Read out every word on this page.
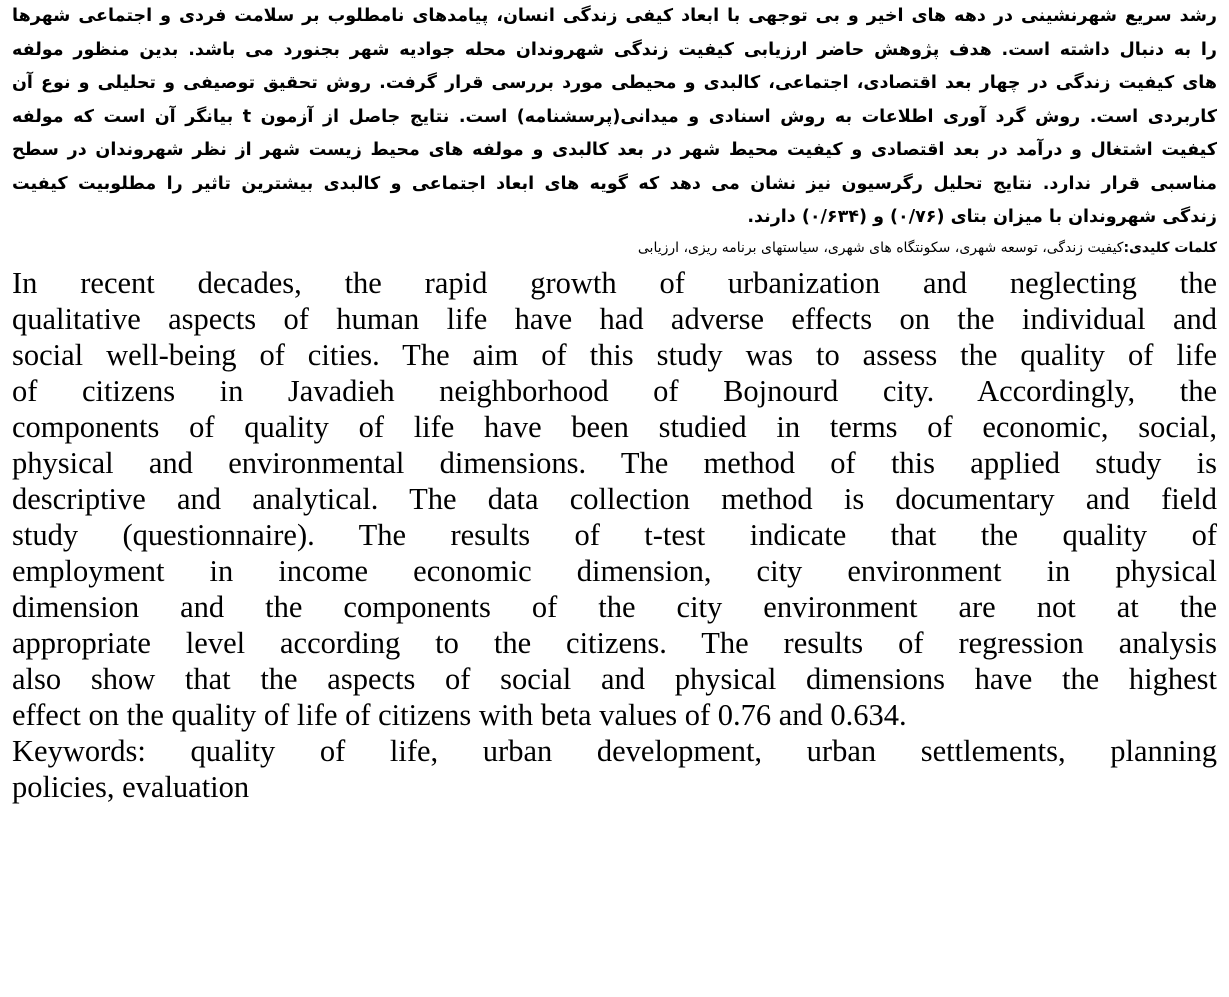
رشد سریع شهرنشینی در دهه های اخیر و بی توجهی با ابعاد کیفی زندگی انسان، پیامدهای نامطلوب بر سلامت فردی و اجتماعی شهرها
را به دنبال داشته است. هدف پژوهش حاضر ارزیابی کیفیت زندگی شهروندان محله جوادیه شهر بجنورد می باشد. بدین منظور مولفه
های کیفیت زندگی در چهار بعد اقتصادی، اجتماعی، کالبدی و محیطی مورد بررسی قرار گرفت. روش تحقیق توصیفی و تحلیلی و نوع آن
کاربردی است. روش گرد آوری اطلاعات به روش اسنادی و میدانی(پرسشنامه) است. نتایج جاصل از آزمون t بیانگر آن است که مولفه
کیفیت اشتغال و درآمد در بعد اقتصادی و کیفیت محیط شهر در بعد کالبدی و مولفه های محیط زیست شهر از نظر شهروندان در سطح
مناسبی قرار ندارد. نتایج تحلیل رگرسیون نیز نشان می دهد که گویه های ابعاد اجتماعی و کالبدی بیشترین تاثیر را مطلوبیت کیفیت
زندگی شهروندان با میزان بتای (۰/۷۶) و (۰/۶۳۴) دارند.
کلمات کلیدی:کیفیت زندگی، توسعه شهری، سکونتگاه های شهری، سیاستهای برنامه ریزی، ارزیابی
In recent decades, the rapid growth of urbanization and neglecting the
qualitative aspects of human life have had adverse effects on the individual and
social well-being of cities. The aim of this study was to assess the quality of life
of citizens in Javadieh neighborhood of Bojnourd city. Accordingly, the
components of quality of life have been studied in terms of economic, social,
physical and environmental dimensions. The method of this applied study is
descriptive and analytical. The data collection method is documentary and field
study (questionnaire). The results of t-test indicate that the quality of
employment in income economic dimension, city environment in physical
dimension and the components of the city environment are not at the
appropriate level according to the citizens. The results of regression analysis
also show that the aspects of social and physical dimensions have the highest
effect on the quality of life of citizens with beta values of 0.76 and 0.634.
Keywords: quality of life, urban development, urban settlements, planning
policies, evaluation
